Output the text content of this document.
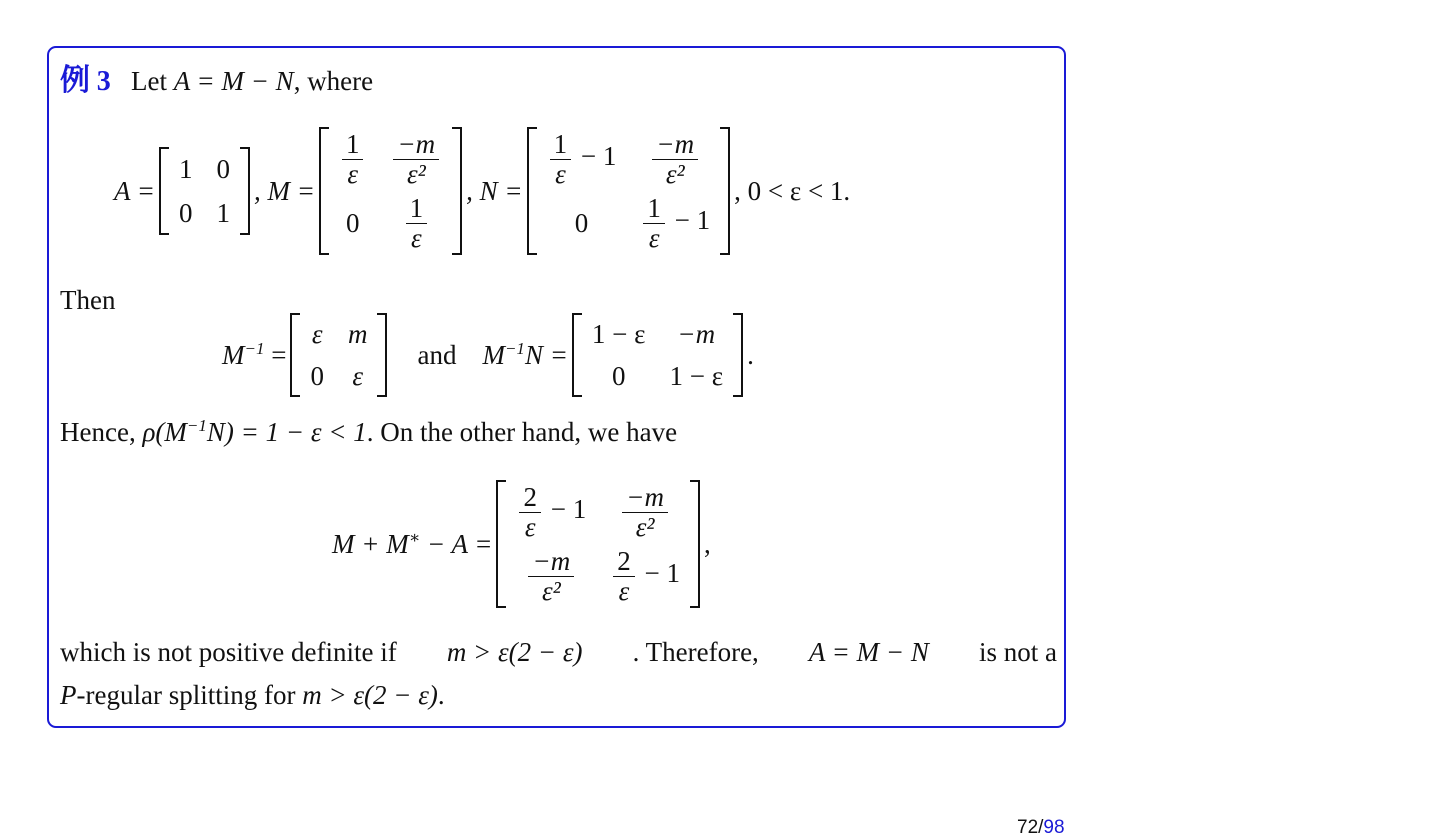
例 3 Let A = M − N, where
A =
1	0
0	1
, M =
$\frac{1}{\varepsilon}$	$\frac{-m}{\text{ε²}}$

0	$\frac{1}{\varepsilon}$
, N =
$\frac{1}{\varepsilon} - 1$	$\frac{-m}{\text{ε²}}$

0	$\frac{1}{\varepsilon} - 1$
, 0 < ε < 1.
Then
$M^{-1}$ =
ε	m
0	ε
and $M^{-1}N$ =
1 − ε	−m
0	1 − ε
.
Hence, $\rho(M^{-1}N) = 1 - \varepsilon < 1$. On the other hand, we have
M + M∗ − A =
$\frac{2}{\varepsilon} - 1$	$\frac{-m}{\text{ε²}}$

$\frac{-m}{\text{ε²}}$	$\frac{2}{\varepsilon} - 1$
,
which is not positive definite if m > ε(2 − ε) . Therefore, A = M − N is not a
P-regular splitting for m > ε(2 − ε).
72/98
